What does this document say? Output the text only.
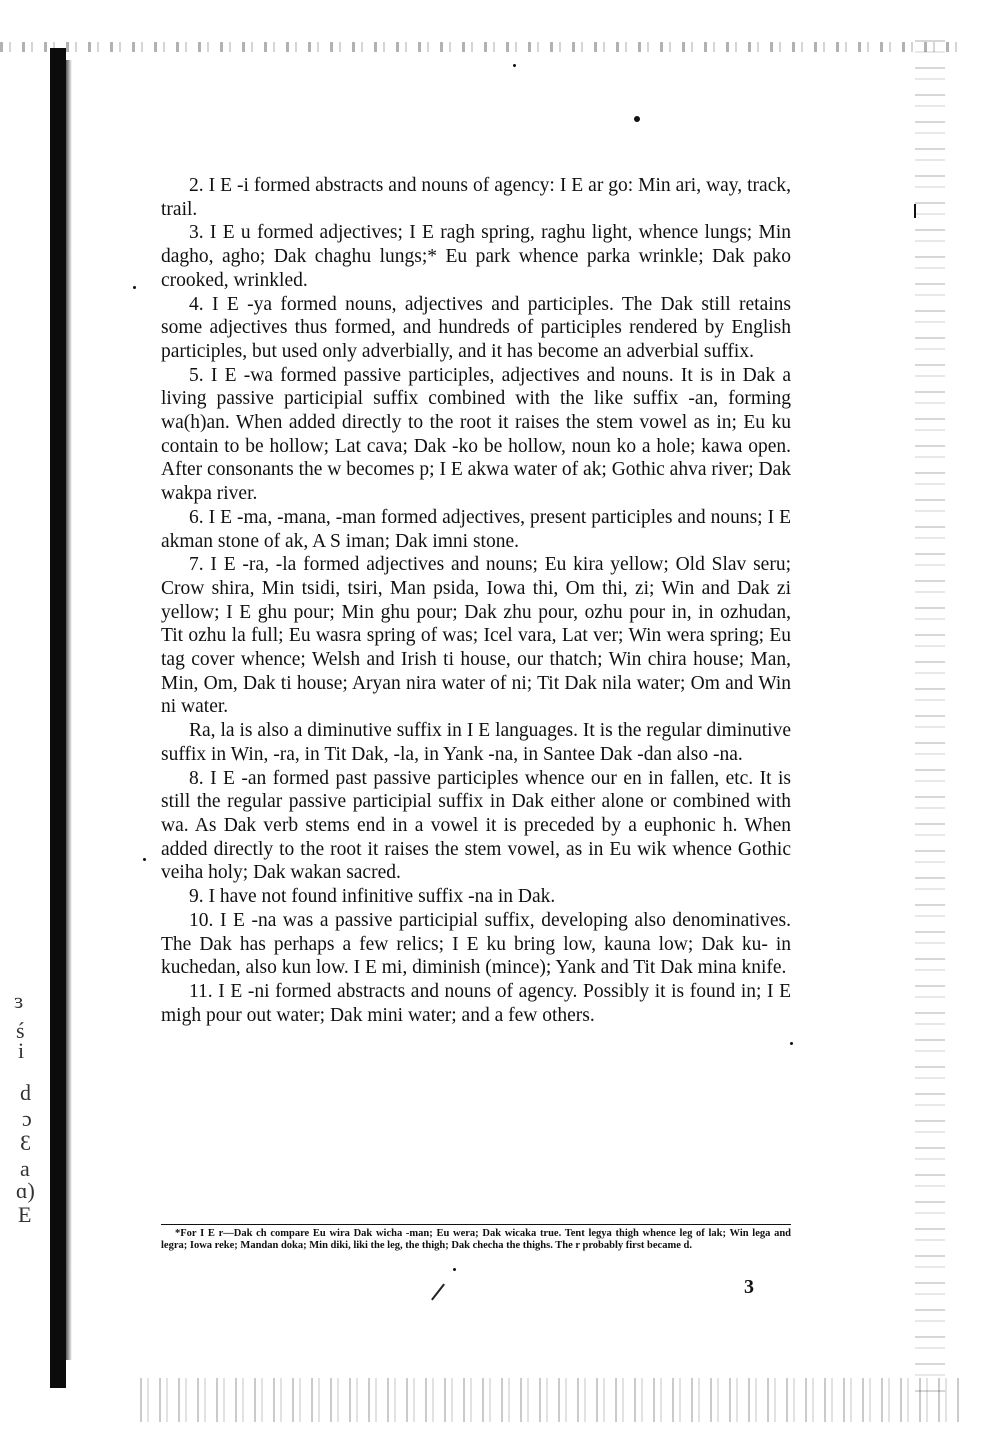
ɜ
ś
i
d
ɔ
Ɛ
a
ɑ)
E

2. I E -i formed abstracts and nouns of agency: I E ar go: Min ari, way, track, trail.

3. I E u formed adjectives; I E ragh spring, raghu light, whence lungs; Min dagho, agho; Dak chaghu lungs;* Eu park whence parka wrinkle; Dak pako crooked, wrinkled.

4. I E -ya formed nouns, adjectives and participles. The Dak still retains some adjectives thus formed, and hundreds of participles rendered by English participles, but used only adverbially, and it has become an adverbial suffix.

5. I E -wa formed passive participles, adjectives and nouns. It is in Dak a living passive participial suffix combined with the like suffix -an, forming wa(h)an. When added directly to the root it raises the stem vowel as in; Eu ku contain to be hollow; Lat cava; Dak -ko be hollow, noun ko a hole; kawa open. After consonants the w becomes p; I E akwa water of ak; Gothic ahva river; Dak wakpa river.

6. I E -ma, -mana, -man formed adjectives, present participles and nouns; I E akman stone of ak, A S iman; Dak imni stone.

7. I E -ra, -la formed adjectives and nouns; Eu kira yellow; Old Slav seru; Crow shira, Min tsidi, tsiri, Man psida, Iowa thi, Om thi, zi; Win and Dak zi yellow; I E ghu pour; Min ghu pour; Dak zhu pour, ozhu pour in, in ozhudan, Tit ozhu la full; Eu wasra spring of was; Icel vara, Lat ver; Win wera spring; Eu tag cover whence; Welsh and Irish ti house, our thatch; Win chira house; Man, Min, Om, Dak ti house; Aryan nira water of ni; Tit Dak nila water; Om and Win ni water.

Ra, la is also a diminutive suffix in I E languages. It is the regular diminutive suffix in Win, -ra, in Tit Dak, -la, in Yank -na, in Santee Dak -dan also -na.

8. I E -an formed past passive participles whence our en in fallen, etc. It is still the regular passive participial suffix in Dak either alone or combined with wa. As Dak verb stems end in a vowel it is preceded by a euphonic h. When added directly to the root it raises the stem vowel, as in Eu wik whence Gothic veiha holy; Dak wakan sacred.

9. I have not found infinitive suffix -na in Dak.

10. I E -na was a passive participial suffix, developing also denominatives. The Dak has perhaps a few relics; I E ku bring low, kauna low; Dak ku- in kuchedan, also kun low. I E mi, diminish (mince); Yank and Tit Dak mina knife.

11. I E -ni formed abstracts and nouns of agency. Possibly it is found in; I E migh pour out water; Dak mini water; and a few others.

*For I E r—Dak ch compare Eu wira Dak wicha -man; Eu wera; Dak wicaka true. Tent legya thigh whence leg of lak; Win lega and legra; Iowa reke; Mandan doka; Min diki, liki the leg, the thigh; Dak checha the thighs. The r probably first became d.
3
